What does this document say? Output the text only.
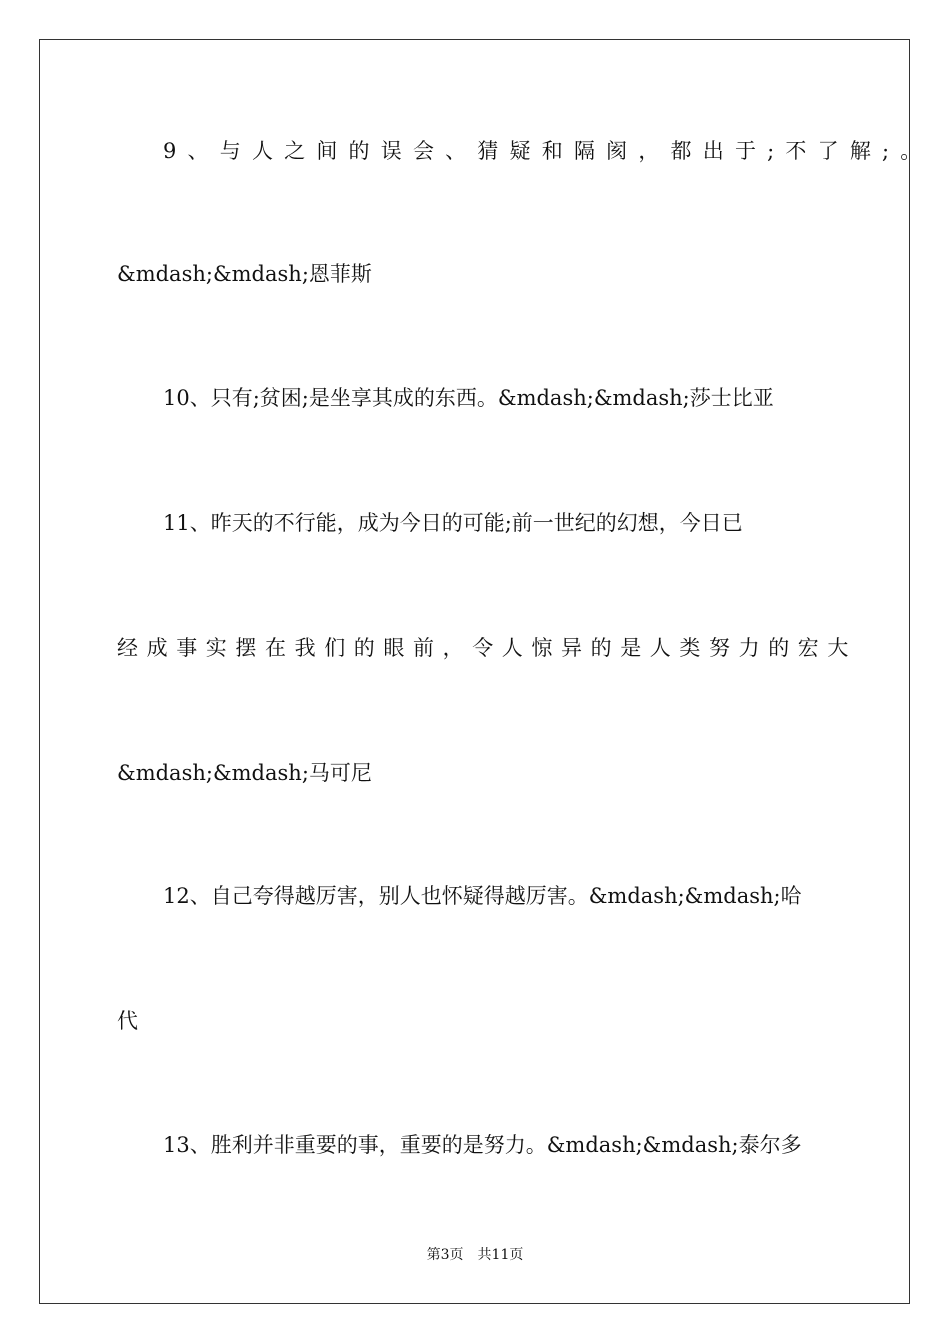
9、与人之间的误会、猜疑和隔阂，都出于;不了解;。
&mdash;&mdash;恩菲斯
10、只有;贫困;是坐享其成的东西。&mdash;&mdash;莎士比亚
11、昨天的不行能，成为今日的可能;前一世纪的幻想，今日已
经成事实摆在我们的眼前，令人惊异的是人类努力的宏大
&mdash;&mdash;马可尼
12、自己夸得越厉害，别人也怀疑得越厉害。&mdash;&mdash;哈
代
13、胜利并非重要的事，重要的是努力。&mdash;&mdash;泰尔多
第3页 共11页
